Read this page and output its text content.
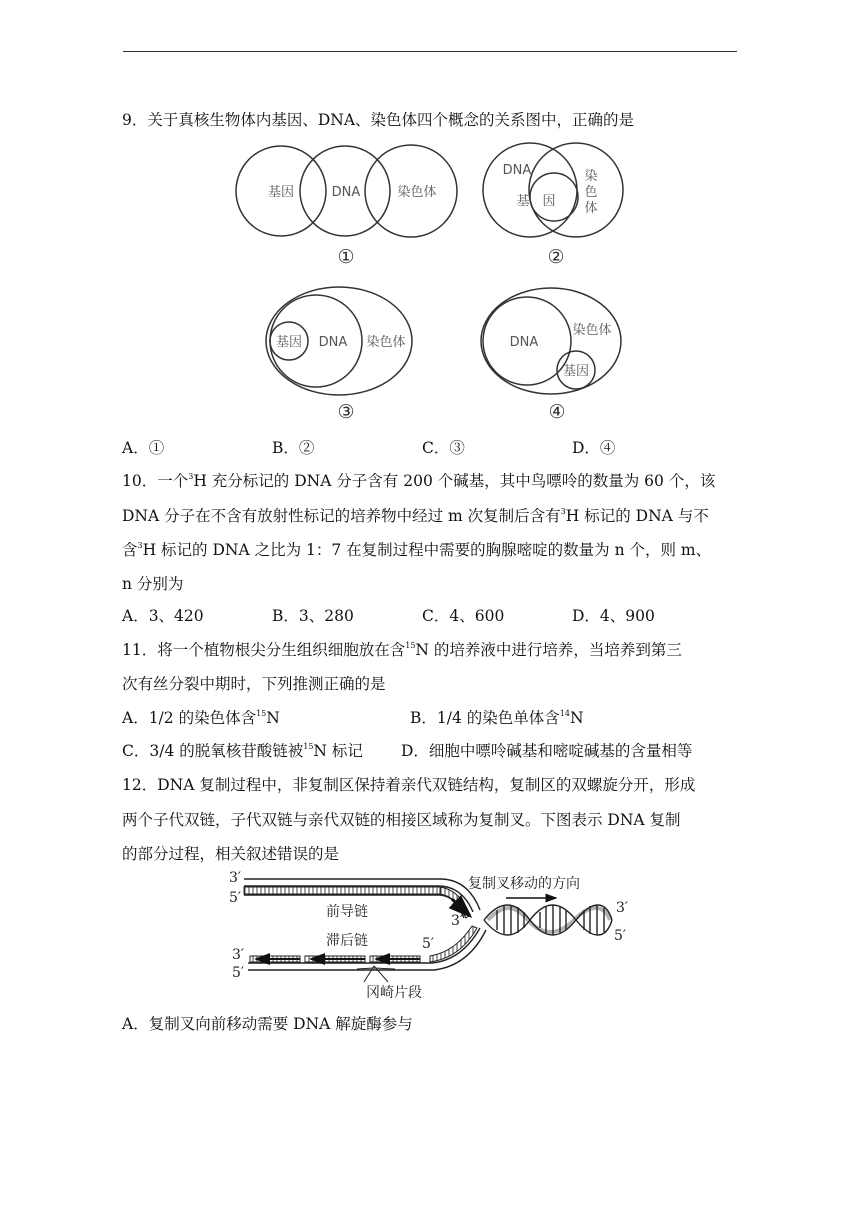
9．关于真核生物体内基因、DNA、染色体四个概念的关系图中，正确的是
基因	DNA	染色体
①
DNA	染
色
体
基 因
②
基因 DNA 染色体
③
DNA
染色体
基因
④
A．①	B．②	C．③	D．④
10．一个$^3$H 充分标记的 DNA 分子含有 200 个碱基，其中鸟嘌呤的数量为 60 个，该
DNA 分子在不含有放射性标记的培养物中经过 m 次复制后含有$^3$H 标记的 DNA 与不
含$^3$H 标记的 DNA 之比为 1：7 在复制过程中需要的胸腺嘧啶的数量为 n 个，则 m、
n 分别为
A．3、420	B．3、280	C．4、600	D．4、900
11．将一个植物根尖分生组织细胞放在含$^{15}$N 的培养液中进行培养，当培养到第三
次有丝分裂中期时，下列推测正确的是
A．1/2 的染色体含$^{15}$N	B．1/4 的染色单体含$^{14}$N
C．3/4 的脱氧核苷酸链被$^{15}$N 标记 D．细胞中嘌呤碱基和嘧啶碱基的含量相等
12．DNA 复制过程中，非复制区保持着亲代双链结构，复制区的双螺旋分开，形成
两个子代双链，子代双链与亲代双链的相接区域称为复制叉。下图表示 DNA 复制
的部分过程，相关叙述错误的是
3′
5′
3′
5′
3′
5′
3′
5′
前导链
滞后链
冈崎片段
复制叉移动的方向
A．复制叉向前移动需要 DNA 解旋酶参与
